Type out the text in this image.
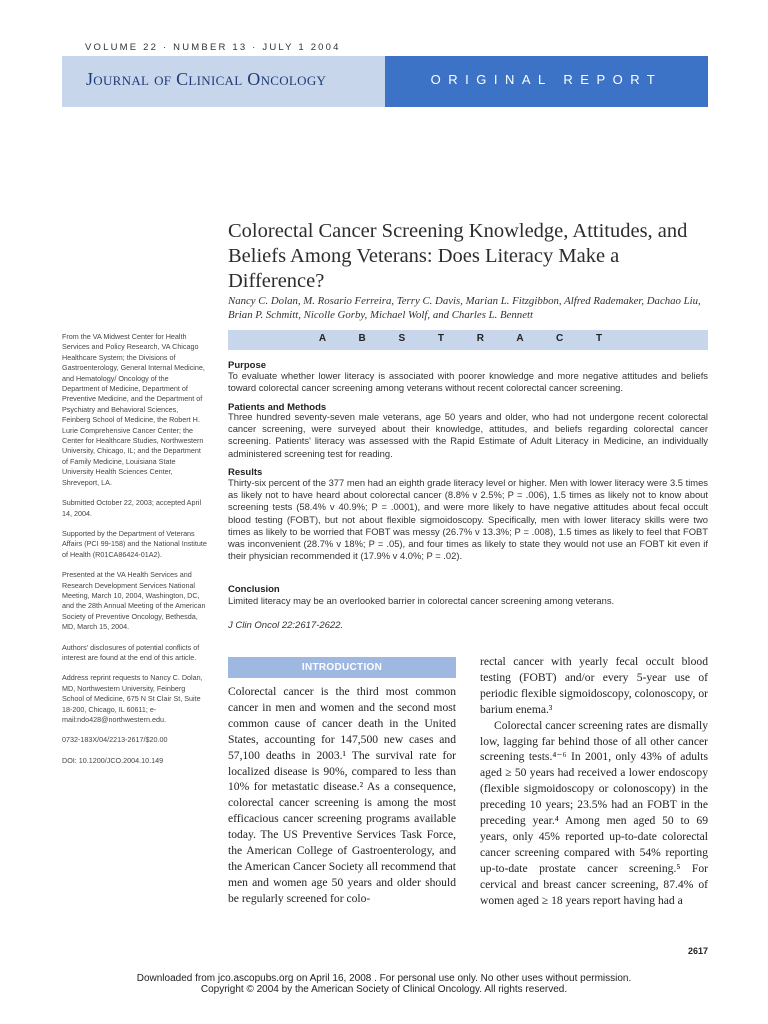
VOLUME 22 · NUMBER 13 · JULY 1 2004
Journal of Clinical Oncology	ORIGINAL REPORT
Colorectal Cancer Screening Knowledge, Attitudes, and Beliefs Among Veterans: Does Literacy Make a Difference?
Nancy C. Dolan, M. Rosario Ferreira, Terry C. Davis, Marian L. Fitzgibbon, Alfred Rademaker, Dachao Liu, Brian P. Schmitt, Nicolle Gorby, Michael Wolf, and Charles L. Bennett
A B S T R A C T
Purpose
To evaluate whether lower literacy is associated with poorer knowledge and more negative attitudes and beliefs toward colorectal cancer screening among veterans without recent colorectal cancer screening.
Patients and Methods
Three hundred seventy-seven male veterans, age 50 years and older, who had not undergone recent colorectal cancer screening, were surveyed about their knowledge, attitudes, and beliefs regarding colorectal cancer screening. Patients' literacy was assessed with the Rapid Estimate of Adult Literacy in Medicine, an individually administered screening test for reading.
Results
Thirty-six percent of the 377 men had an eighth grade literacy level or higher. Men with lower literacy were 3.5 times as likely not to have heard about colorectal cancer (8.8% v 2.5%; P = .006), 1.5 times as likely not to know about screening tests (58.4% v 40.9%; P = .0001), and were more likely to have negative attitudes about fecal occult blood testing (FOBT), but not about flexible sigmoidoscopy. Specifically, men with lower literacy skills were two times as likely to be worried that FOBT was messy (26.7% v 13.3%; P = .008), 1.5 times as likely to feel that FOBT was inconvenient (28.7% v 18%; P = .05), and four times as likely to state they would not use an FOBT kit even if their physician recommended it (17.9% v 4.0%; P = .02).
Conclusion
Limited literacy may be an overlooked barrier in colorectal cancer screening among veterans.
J Clin Oncol 22:2617-2622.

From the VA Midwest Center for Health Services and Policy Research, VA Chicago Healthcare System; the Divisions of Gastroenterology, General Internal Medicine, and Hematology/ Oncology of the Department of Medicine, Department of Preventive Medicine, and the Department of Psychiatry and Behavioral Sciences, Feinberg School of Medicine, the Robert H. Lurie Comprehensive Cancer Center; the Center for Healthcare Studies, Northwestern University, Chicago, IL; and the Department of Family Medicine, Louisiana State University Health Sciences Center, Shreveport, LA.

Submitted October 22, 2003; accepted April 14, 2004.

Supported by the Department of Veterans Affairs (PCI 99-158) and the National Institute of Health (R01CA86424-01A2).

Presented at the VA Health Services and Research Development Services National Meeting, March 10, 2004, Washington, DC, and the 28th Annual Meeting of the American Society of Preventive Oncology, Bethesda, MD, March 15, 2004.

Authors' disclosures of potential conflicts of interest are found at the end of this article.

Address reprint requests to Nancy C. Dolan, MD, Northwestern University, Feinberg School of Medicine, 675 N St Clair St, Suite 18-200, Chicago, IL 60611; e-mail:ndo428@northwestern.edu.

0732-183X/04/2213-2617/$20.00

DOI: 10.1200/JCO.2004.10.149

INTRODUCTION

Colorectal cancer is the third most common cancer in men and women and the second most common cause of cancer death in the United States, accounting for 147,500 new cases and 57,100 deaths in 2003.¹ The survival rate for localized disease is 90%, compared to less than 10% for metastatic disease.² As a consequence, colorectal cancer screening is among the most efficacious cancer screening programs available today. The US Preventive Services Task Force, the American College of Gastroenterology, and the American Cancer Society all recommend that men and women age 50 years and older should be regularly screened for colo-

rectal cancer with yearly fecal occult blood testing (FOBT) and/or every 5-year use of periodic flexible sigmoidoscopy, colonoscopy, or barium enema.³

Colorectal cancer screening rates are dismally low, lagging far behind those of all other cancer screening tests.⁴⁻⁶ In 2001, only 43% of adults aged ≥ 50 years had received a lower endoscopy (flexible sigmoidoscopy or colonoscopy) in the preceding 10 years; 23.5% had an FOBT in the preceding year.⁴ Among men aged 50 to 69 years, only 45% reported up-to-date colorectal cancer screening compared with 54% reporting up-to-date prostate cancer screening.⁵ For cervical and breast cancer screening, 87.4% of women aged ≥ 18 years report having had a

2617
Downloaded from jco.ascopubs.org on April 16, 2008 . For personal use only. No other uses without permission.
Copyright © 2004 by the American Society of Clinical Oncology. All rights reserved.
